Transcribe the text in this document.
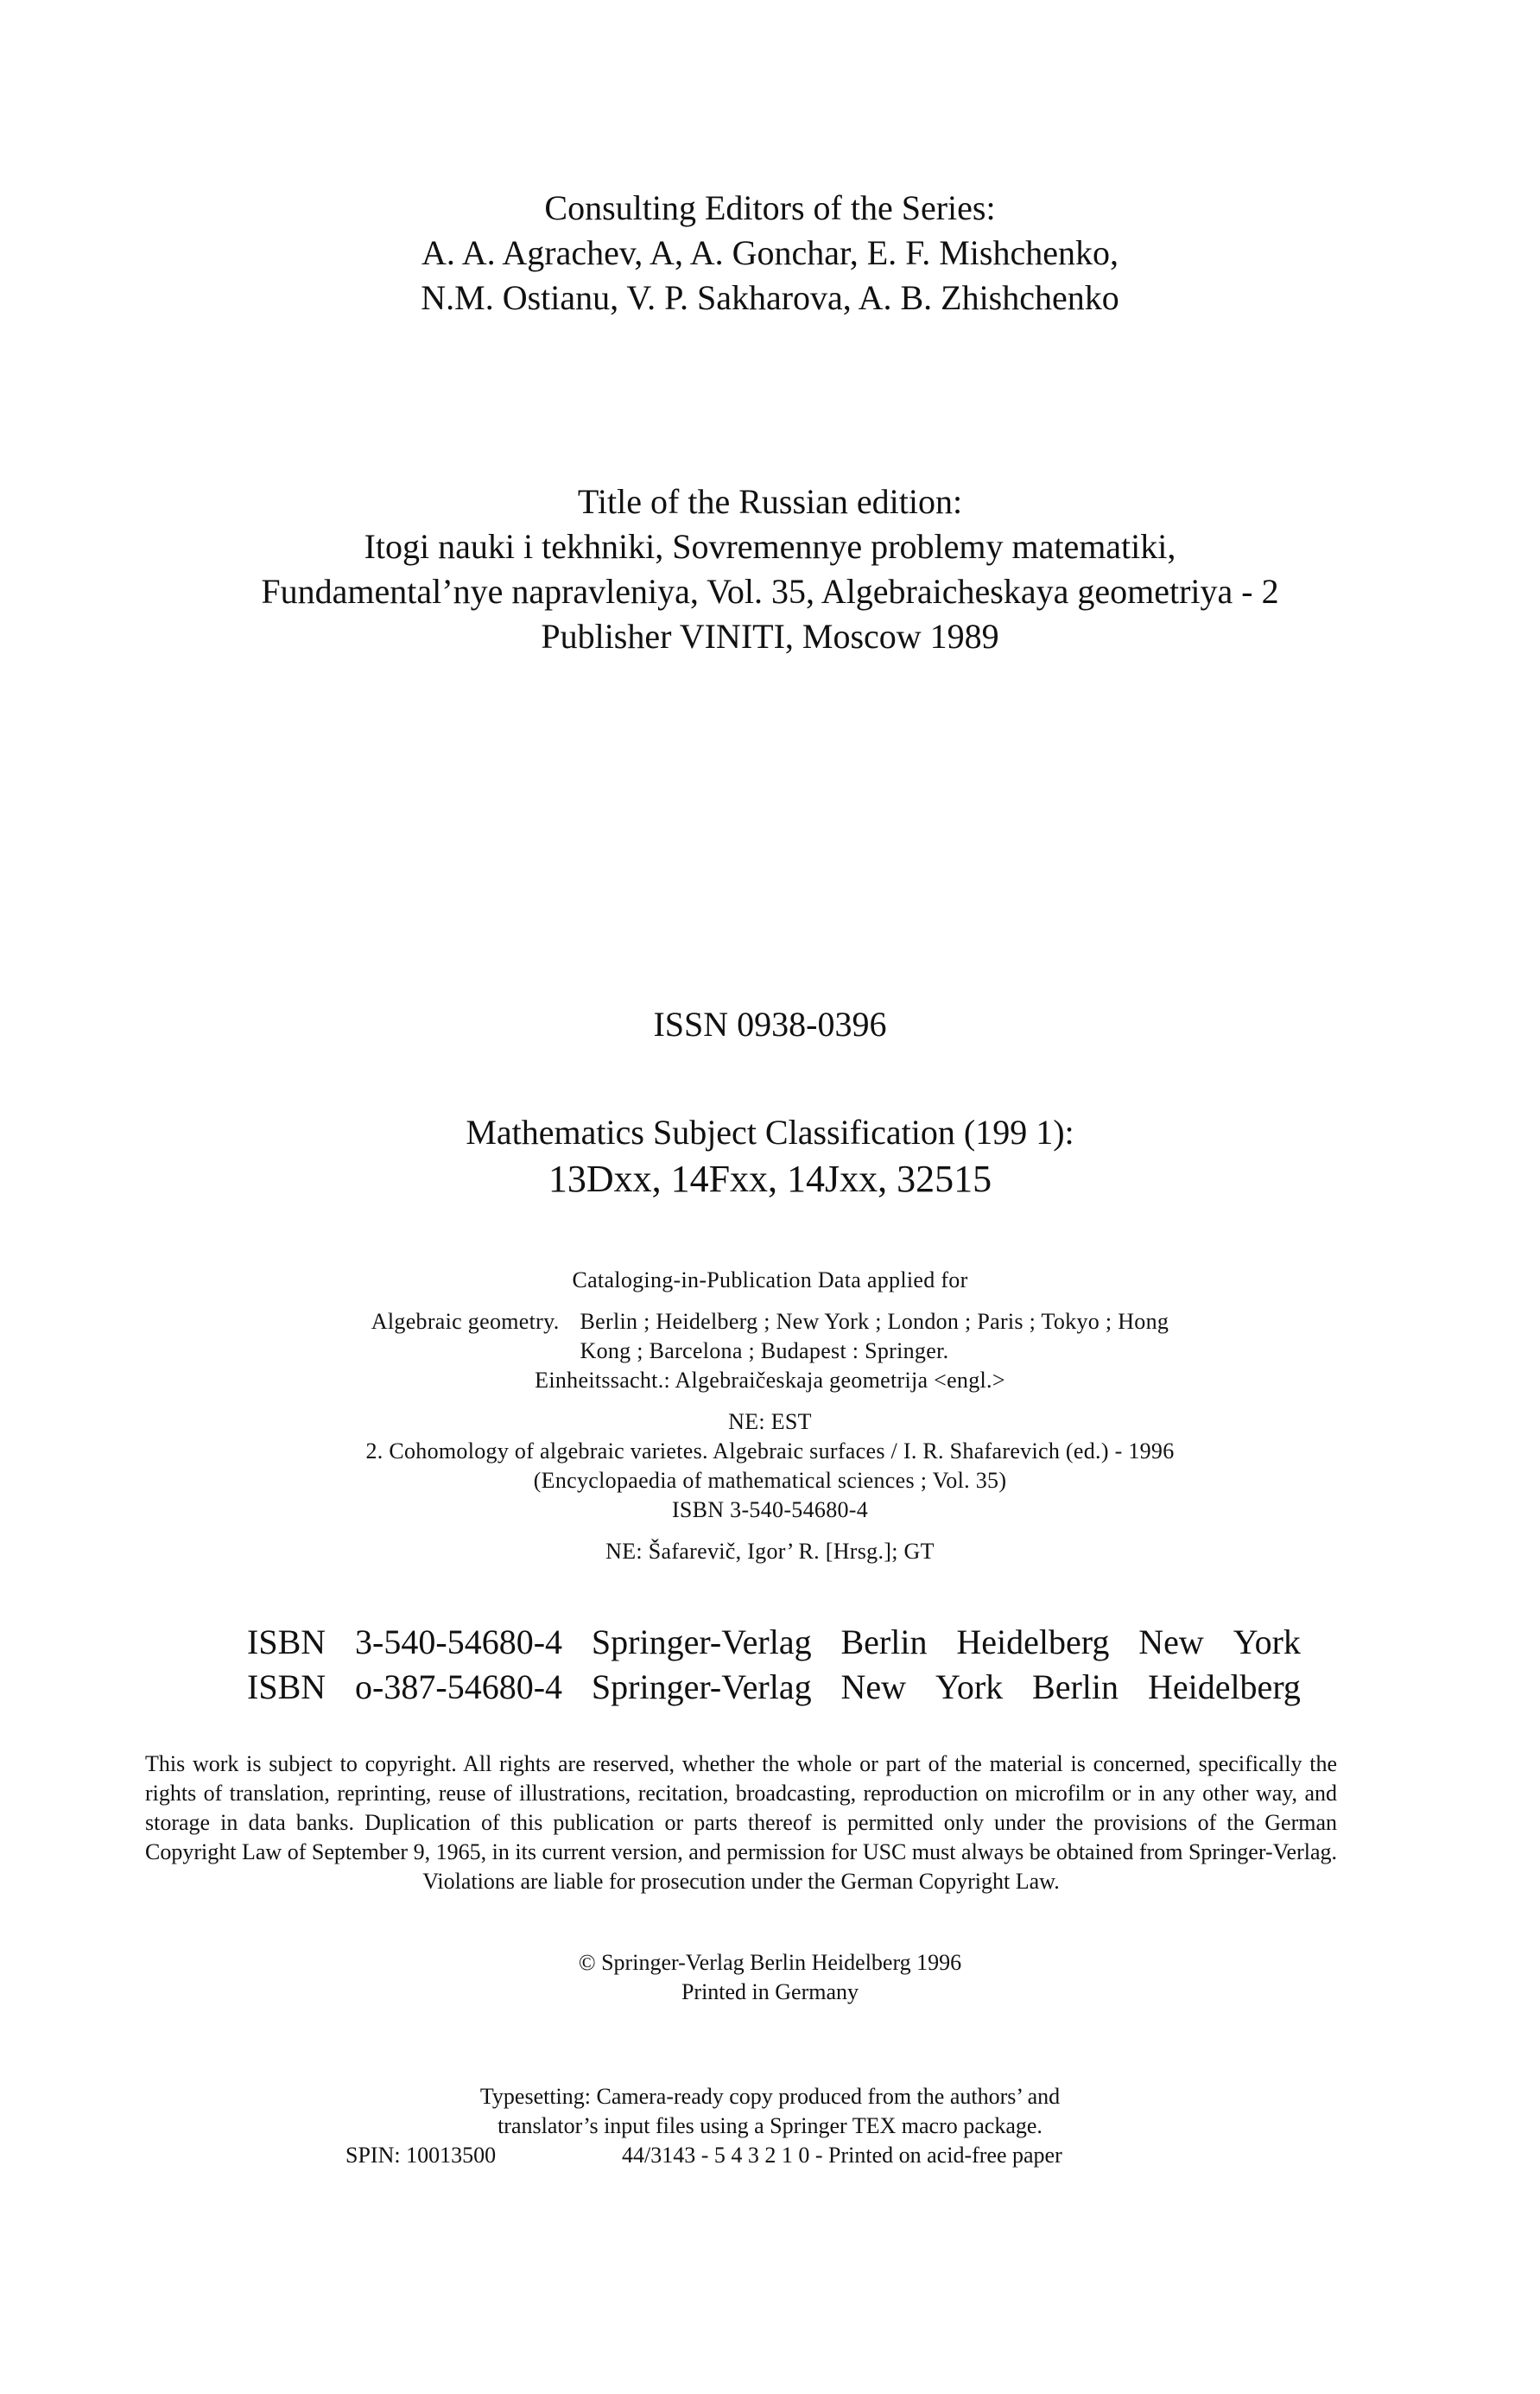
Consulting Editors of the Series:
A. A. Agrachev, A, A. Gonchar, E. F. Mishchenko,
N.M. Ostianu, V. P. Sakharova, A. B. Zhishchenko
Title of the Russian edition:
Itogi nauki i tekhniki, Sovremennye problemy matematiki,
Fundamental’nye napravleniya, Vol. 35, Algebraicheskaya geometriya - 2
Publisher VINITI, Moscow 1989
ISSN 0938-0396
Mathematics Subject Classification (199 1):
13Dxx, 14Fxx, 14Jxx, 32515
Cataloging-in-Publication Data applied for
Algebraic geometry. Berlin ; Heidelberg ; New York ; London ; Paris ; Tokyo ; Hong
Kong ; Barcelona ; Budapest : Springer.
Einheitssacht.: Algebraičeskaja geometrija <engl.>
NE: EST
2. Cohomology of algebraic varietes. Algebraic surfaces / I. R. Shafarevich (ed.) - 1996
(Encyclopaedia of mathematical sciences ; Vol. 35)
ISBN 3-540-54680-4
NE: Šafarevič, Igor’ R. [Hrsg.]; GT
ISBN 3-540-54680-4 Springer-Verlag Berlin Heidelberg New York
ISBN o-387-54680-4 Springer-Verlag New York Berlin Heidelberg
This work is subject to copyright. All rights are reserved, whether the whole or part of the material is concerned, specifically the rights of translation, reprinting, reuse of illustrations, recitation, broadcasting, reproduction on microfilm or in any other way, and storage in data banks. Duplication of this publication or parts thereof is permitted only under the provisions of the German Copyright Law of September 9, 1965, in its current version, and permission for USC must always be obtained from Springer-Verlag. Violations are liable for prosecution under the German Copyright Law.
© Springer-Verlag Berlin Heidelberg 1996
Printed in Germany
Typesetting: Camera-ready copy produced from the authors’ and
translator’s input files using a Springer TEX macro package.
SPIN: 10013500	44/3143 - 5 4 3 2 1 0 - Printed on acid-free paper
